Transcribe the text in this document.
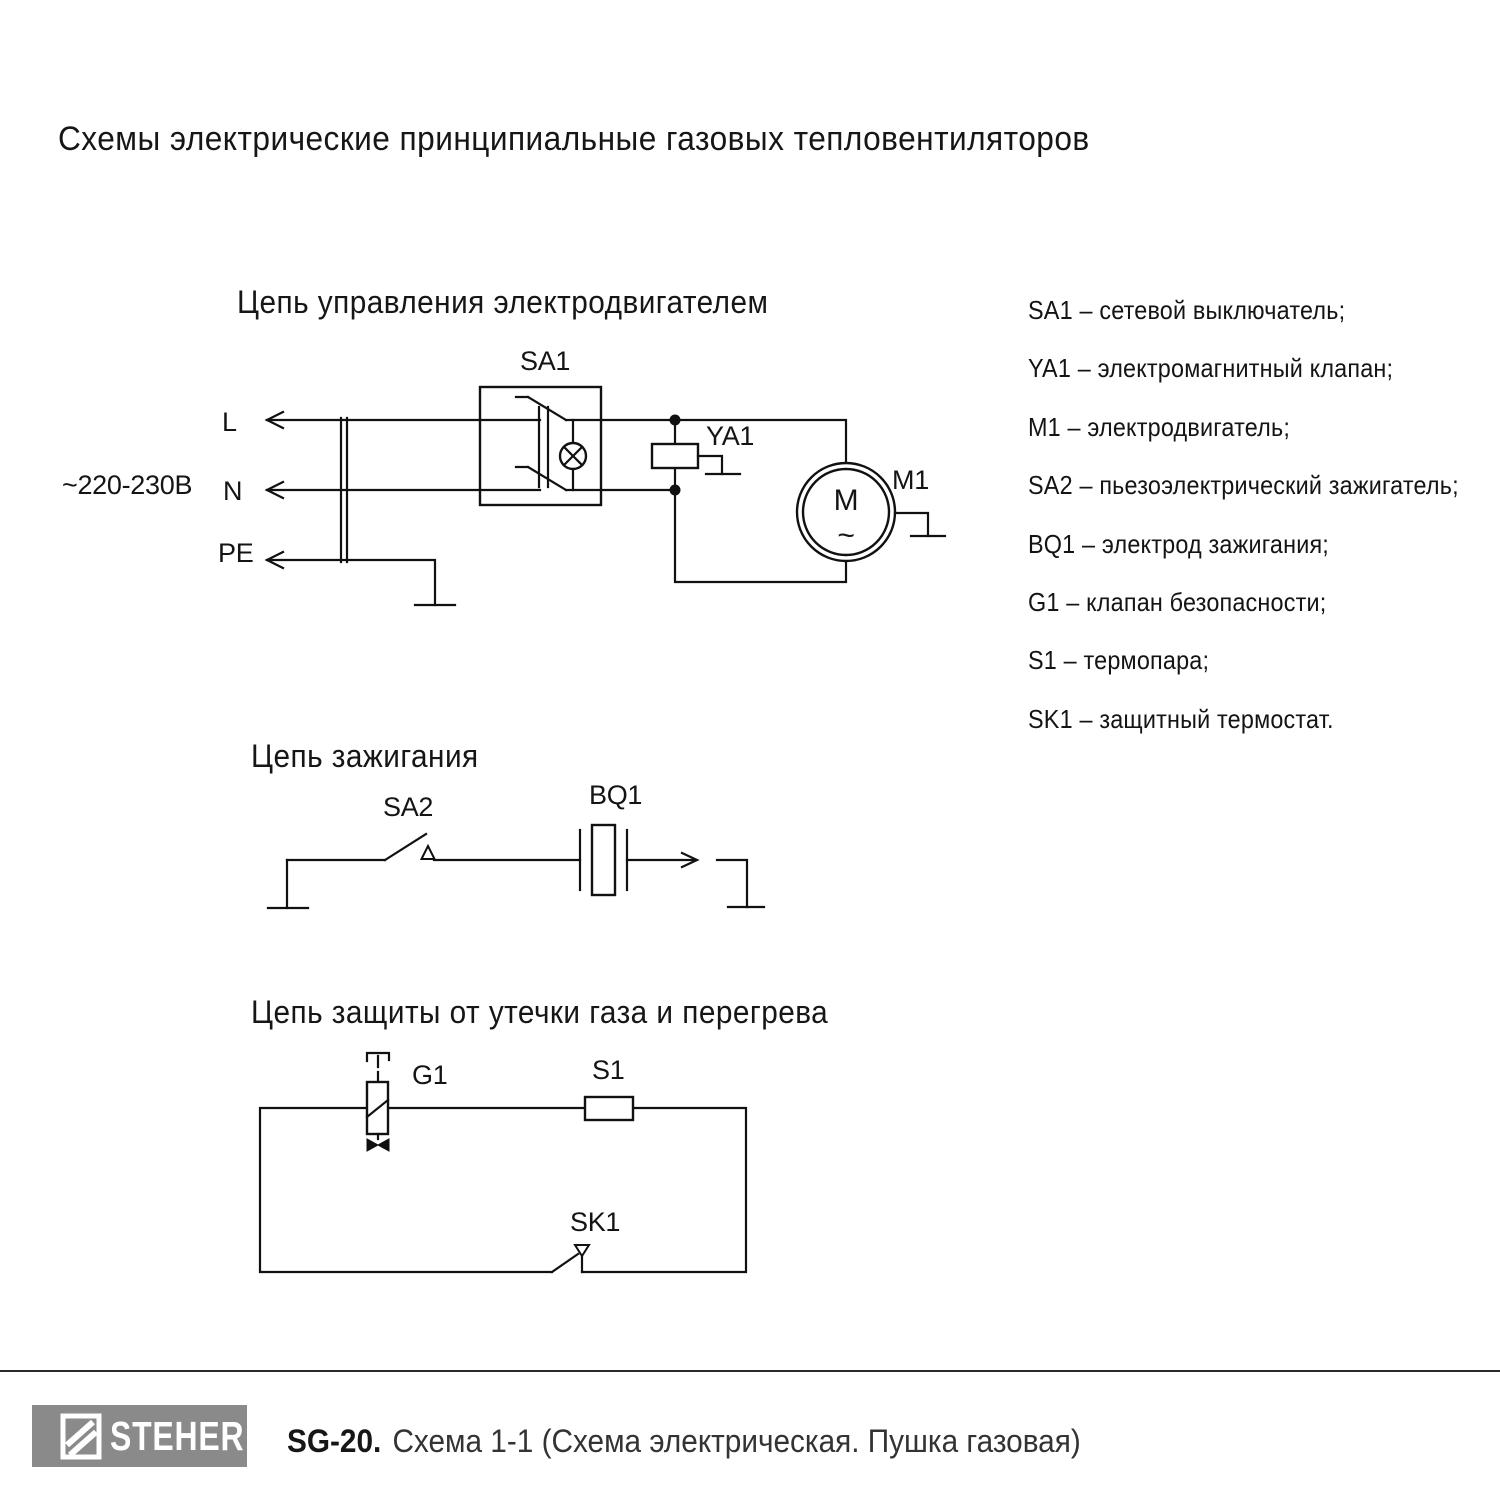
Схемы электрические принципиальные газовых тепловентиляторов
Цепь управления электродвигателем
~220-230В
L
N
PE
SA1
YA1
M
~
M1
SA1 – сетевой выключатель;
YA1 – электромагнитный клапан;
M1 – электродвигатель;
SA2 – пьезоэлектрический зажигатель;
BQ1 – электрод зажигания;
G1 – клапан безопасности;
S1 – термопара;
SK1 – защитный термостат.
Цепь зажигания
SA2	BQ1
Цепь защиты от утечки газа и перегрева
G1	S1
SK1
STEHER SG-20. Схема 1-1 (Схема электрическая. Пушка газовая)
